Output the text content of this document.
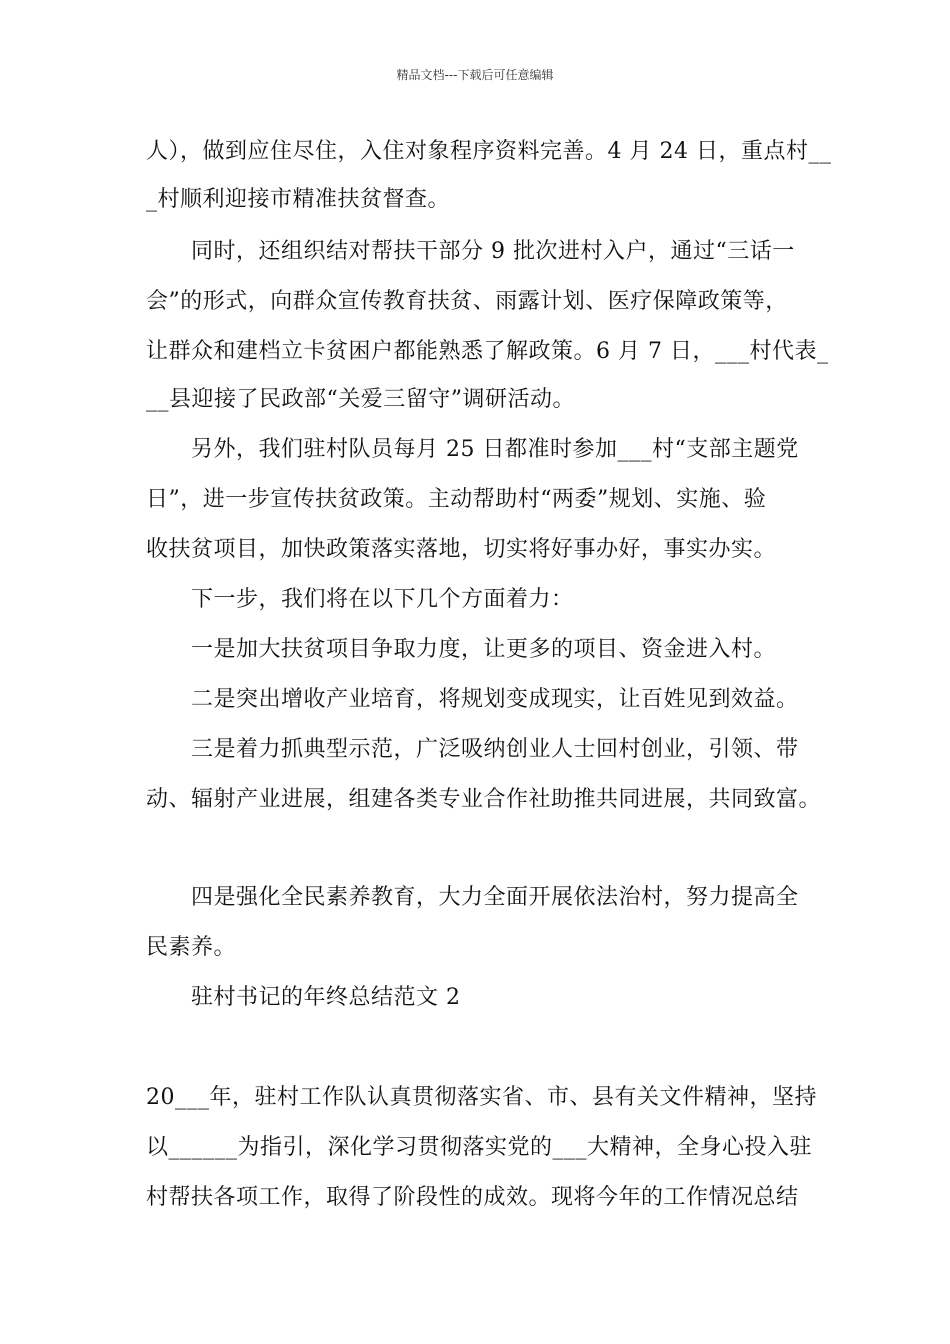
精品文档---下载后可任意编辑
人），做到应住尽住，入住对象程序资料完善。4 月 24 日，重点村__
_村顺利迎接市精准扶贫督查。
同时，还组织结对帮扶干部分 9 批次进村入户，通过“三话一
会”的形式，向群众宣传教育扶贫、雨露计划、医疗保障政策等，
让群众和建档立卡贫困户都能熟悉了解政策。6 月 7 日，___村代表_
__县迎接了民政部“关爱三留守”调研活动。
另外，我们驻村队员每月 25 日都准时参加___村“支部主题党
日”，进一步宣传扶贫政策。主动帮助村“两委”规划、实施、验
收扶贫项目，加快政策落实落地，切实将好事办好，事实办实。
下一步，我们将在以下几个方面着力：
一是加大扶贫项目争取力度，让更多的项目、资金进入村。
二是突出增收产业培育，将规划变成现实，让百姓见到效益。
三是着力抓典型示范，广泛吸纳创业人士回村创业，引领、带
动、辐射产业进展，组建各类专业合作社助推共同进展，共同致富。
四是强化全民素养教育，大力全面开展依法治村，努力提高全
民素养。
驻村书记的年终总结范文 2
20___年，驻村工作队认真贯彻落实省、市、县有关文件精神，坚持
以______为指引，深化学习贯彻落实党的___大精神，全身心投入驻
村帮扶各项工作，取得了阶段性的成效。现将今年的工作情况总结
